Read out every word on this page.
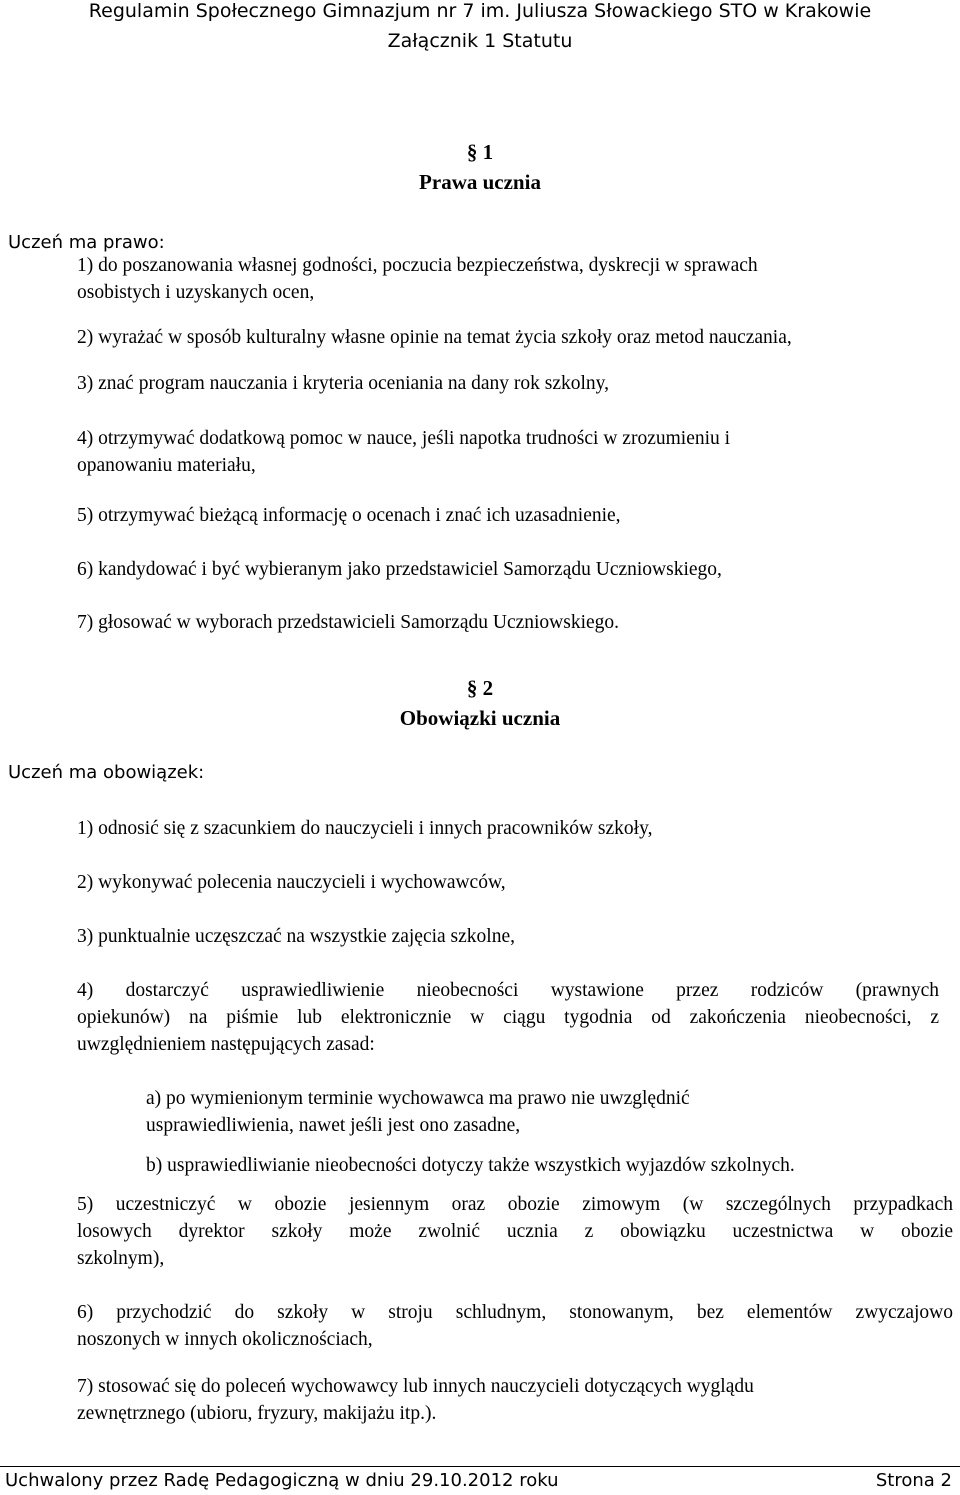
Regulamin Społecznego Gimnazjum nr 7 im. Juliusza Słowackiego STO w Krakowie
Załącznik 1 Statutu
§ 1
Prawa ucznia
Uczeń ma prawo:
1) do poszanowania własnej godności, poczucia bezpieczeństwa, dyskrecji w sprawach
osobistych i uzyskanych ocen,
2) wyrażać w sposób kulturalny własne opinie na temat życia szkoły oraz metod nauczania,
3) znać program nauczania i kryteria oceniania na dany rok szkolny,
4) otrzymywać dodatkową pomoc w nauce, jeśli napotka trudności w zrozumieniu i
opanowaniu materiału,
5) otrzymywać bieżącą informację o ocenach i znać ich uzasadnienie,
6) kandydować i być wybieranym jako przedstawiciel Samorządu Uczniowskiego,
7) głosować w wyborach przedstawicieli Samorządu Uczniowskiego.
§ 2
Obowiązki ucznia
Uczeń ma obowiązek:
1) odnosić się z szacunkiem do nauczycieli i innych pracowników szkoły,
2) wykonywać polecenia nauczycieli i wychowawców,
3) punktualnie uczęszczać na wszystkie zajęcia szkolne,
4) dostarczyć usprawiedliwienie nieobecności wystawione przez rodziców (prawnych
opiekunów) na piśmie lub elektronicznie w ciągu tygodnia od zakończenia nieobecności, z
uwzględnieniem następujących zasad:
a) po wymienionym terminie wychowawca ma prawo nie uwzględnić
usprawiedliwienia, nawet jeśli jest ono zasadne,
b) usprawiedliwianie nieobecności dotyczy także wszystkich wyjazdów szkolnych.
5) uczestniczyć w obozie jesiennym oraz obozie zimowym (w szczególnych przypadkach
losowych dyrektor szkoły może zwolnić ucznia z obowiązku uczestnictwa w obozie
szkolnym),
6) przychodzić do szkoły w stroju schludnym, stonowanym, bez elementów zwyczajowo
noszonych w innych okolicznościach,
7) stosować się do poleceń wychowawcy lub innych nauczycieli dotyczących wyglądu
zewnętrznego (ubioru, fryzury, makijażu itp.).
Uchwalony przez Radę Pedagogiczną w dniu 29.10.2012 roku	Strona 2
